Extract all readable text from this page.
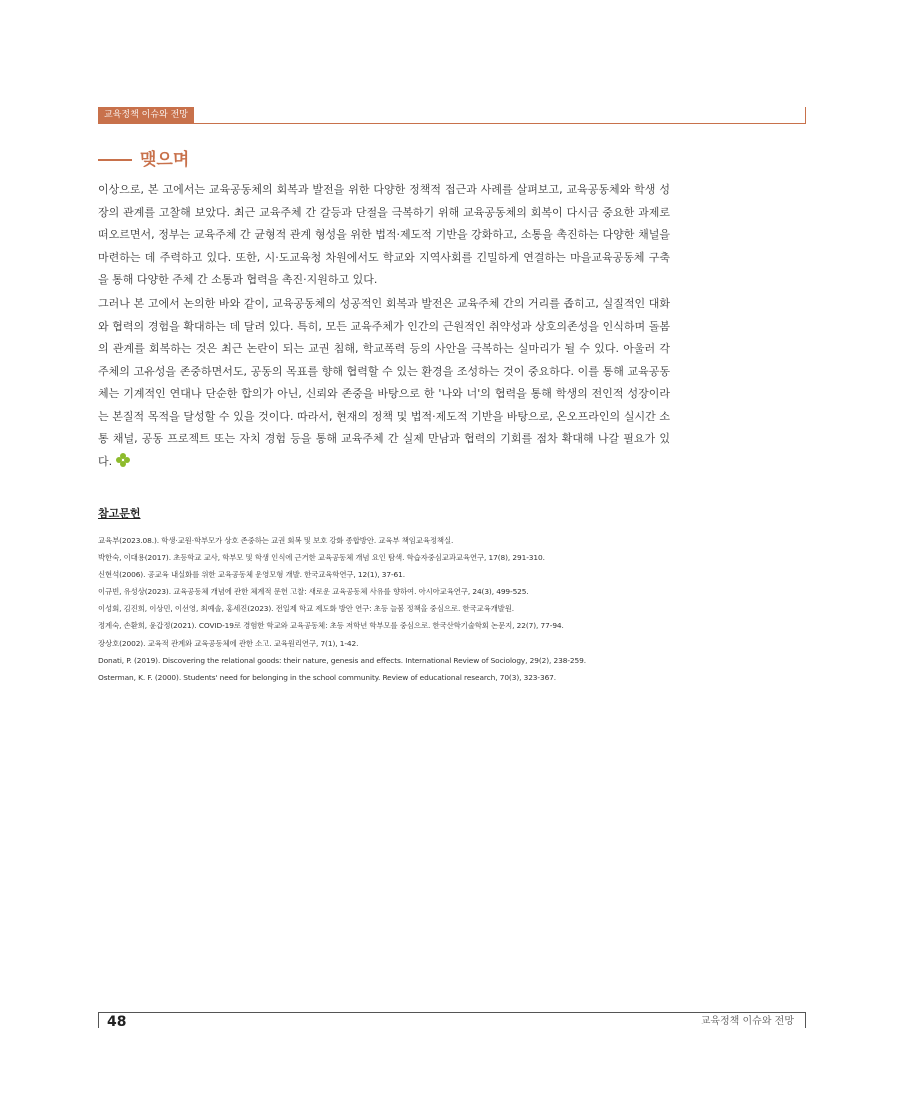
교육정책 이슈와 전망
맺으며

이상으로, 본 고에서는 교육공동체의 회복과 발전을 위한 다양한 정책적 접근과 사례를 살펴보고, 교육공동체와 학생 성장의 관계를 고찰해 보았다. 최근 교육주체 간 갈등과 단절을 극복하기 위해 교육공동체의 회복이 다시금 중요한 과제로 떠오르면서, 정부는 교육주체 간 균형적 관계 형성을 위한 법적·제도적 기반을 강화하고, 소통을 촉진하는 다양한 채널을 마련하는 데 주력하고 있다. 또한, 시·도교육청 차원에서도 학교와 지역사회를 긴밀하게 연결하는 마을교육공동체 구축을 통해 다양한 주체 간 소통과 협력을 촉진·지원하고 있다.

그러나 본 고에서 논의한 바와 같이, 교육공동체의 성공적인 회복과 발전은 교육주체 간의 거리를 좁히고, 실질적인 대화와 협력의 경험을 확대하는 데 달려 있다. 특히, 모든 교육주체가 인간의 근원적인 취약성과 상호의존성을 인식하며 돌봄의 관계를 회복하는 것은 최근 논란이 되는 교권 침해, 학교폭력 등의 사안을 극복하는 실마리가 될 수 있다. 아울러 각 주체의 고유성을 존중하면서도, 공동의 목표를 향해 협력할 수 있는 환경을 조성하는 것이 중요하다. 이를 통해 교육공동체는 기계적인 연대나 단순한 합의가 아닌, 신뢰와 존중을 바탕으로 한 '나와 너'의 협력을 통해 학생의 전인적 성장이라는 본질적 목적을 달성할 수 있을 것이다. 따라서, 현재의 정책 및 법적·제도적 기반을 바탕으로, 온오프라인의 실시간 소통 채널, 공동 프로젝트 또는 자치 경험 등을 통해 교육주체 간 실제 만남과 협력의 기회를 점차 확대해 나갈 필요가 있다.

참고문헌
교육부(2023.08.). 학생·교원·학부모가 상호 존중하는 교권 회복 및 보호 강화 종합방안. 교육부 책임교육정책실.
박한숙, 이대용(2017). 초등학교 교사, 학부모 및 학생 인식에 근거한 교육공동체 개념 요인 탐색. 학습자중심교과교육연구, 17(8), 291-310.
신현석(2006). 공교육 내실화를 위한 교육공동체 운영모형 개발. 한국교육학연구, 12(1), 37-61.
이규빈, 유성상(2023). 교육공동체 개념에 관한 체계적 문헌 고찰: 새로운 교육공동체 사유를 향하여. 아시아교육연구, 24(3), 499-525.
이성회, 김진희, 이상민, 이선영, 최예솔, 홍세진(2023). 전일제 학교 제도화 방안 연구: 초등 늘봄 정책을 중심으로. 한국교육개발원.
정계숙, 손환희, 윤갑정(2021). COVID-19로 경험한 학교와 교육공동체: 초등 저학년 학부모를 중심으로. 한국산학기술학회 논문지, 22(7), 77-94.
장상호(2002). 교육적 관계와 교육공동체에 관한 소고. 교육원리연구, 7(1), 1-42.
Donati, P. (2019). Discovering the relational goods: their nature, genesis and effects. International Review of Sociology, 29(2), 238-259.
Osterman, K. F. (2000). Students' need for belonging in the school community. Review of educational research, 70(3), 323-367.
48	교육정책 이슈와 전망
